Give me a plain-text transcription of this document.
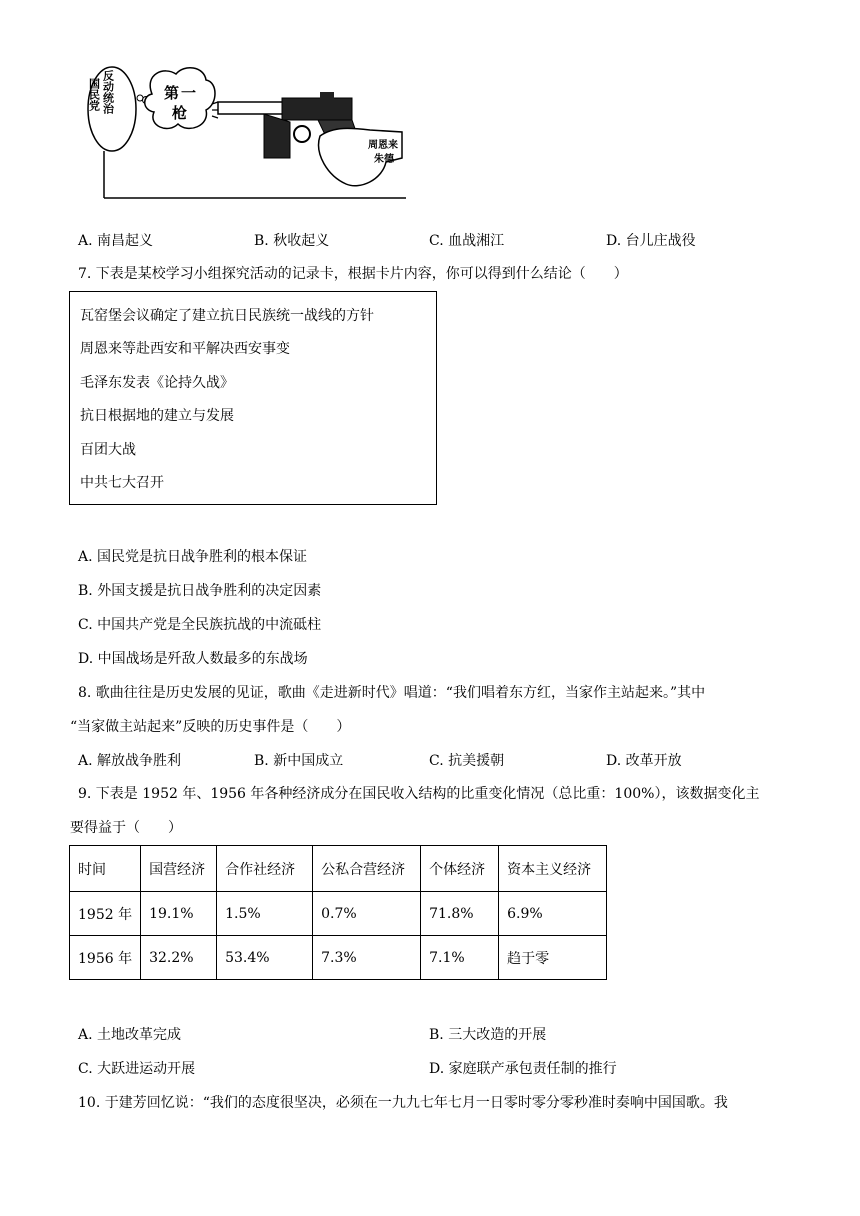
国民党 反动统治	第 一
枪
周恩来
朱德
A. 南昌起义	B. 秋收起义	C. 血战湘江	D. 台儿庄战役
7. 下表是某校学习小组探究活动的记录卡，根据卡片内容，你可以得到什么结论（　　）
瓦窑堡会议确定了建立抗日民族统一战线的方针
周恩来等赴西安和平解决西安事变
毛泽东发表《论持久战》
抗日根据地的建立与发展
百团大战
中共七大召开
A. 国民党是抗日战争胜利的根本保证
B. 外国支援是抗日战争胜利的决定因素
C. 中国共产党是全民族抗战的中流砥柱
D. 中国战场是歼敌人数最多的东战场
8. 歌曲往往是历史发展的见证，歌曲《走进新时代》唱道：“我们唱着东方红，当家作主站起来。”其中
“当家做主站起来”反映的历史事件是（　　）
A. 解放战争胜利	B. 新中国成立	C. 抗美援朝	D. 改革开放
9. 下表是 1952 年、1956 年各种经济成分在国民收入结构的比重变化情况（总比重：100%），该数据变化主
要得益于（　　）
时间	国营经济	合作社经济	公私合营经济	个体经济	资本主义经济
1952 年	19.1%	1.5%	0.7%	71.8%	6.9%
1956 年	32.2%	53.4%	7.3%	7.1%	趋于零
A. 土地改革完成	B. 三大改造的开展
C. 大跃进运动开展	D. 家庭联产承包责任制的推行
10. 于建芳回忆说：“我们的态度很坚决，必须在一九九七年七月一日零时零分零秒准时奏响中国国歌。我
